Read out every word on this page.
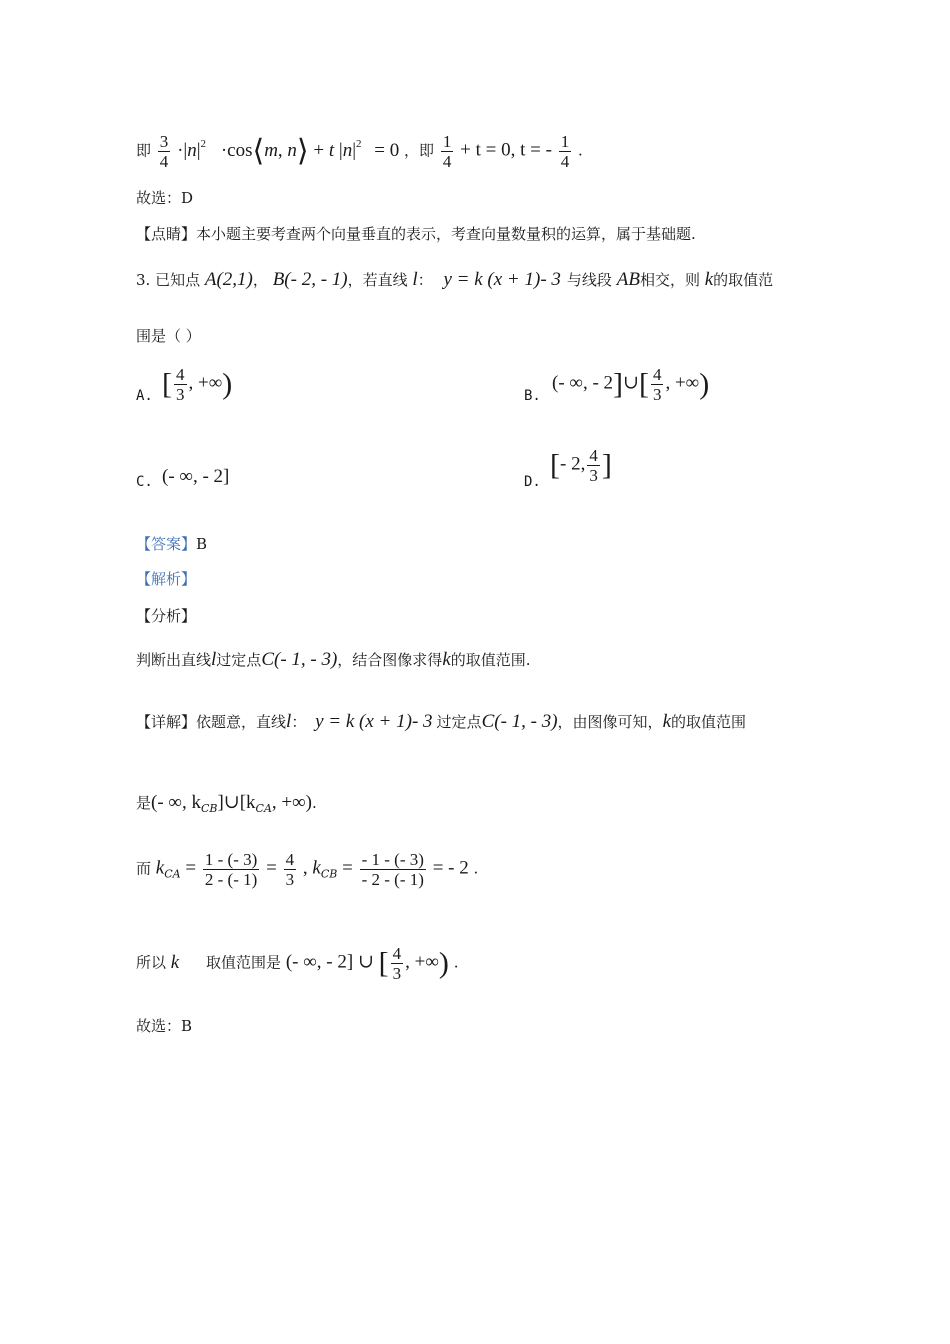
即 $\frac{3}{4} \cdot|n|^2$ ·cos⟨m, n⟩ + t $|n|^2 = 0$ ，即 $\frac{1}{4} + t = 0$, t = - $\frac{1}{4}$ .
故选：D
【点睛】本小题主要考查两个向量垂直的表示，考查向量数量积的运算，属于基础题.
3. 已知点 A(2,1)， B(- 2, - 1)，若直线 l： y = k (x + 1)- 3 与线段 AB相交，则 k的取值范
围是（ ）
A. [ $\frac{4}{3}$ , +∞)	B.
(- ∞, - 2]∪[ $\frac{4}{3}$ , +∞)
C. (- ∞, - 2]	D.
[- 2, $\frac{4}{3}$ ]
【答案】B
【解析】
【分析】
判断出直线l过定点C(- 1, - 3)，结合图像求得k的取值范围.
【详解】依题意，直线l： y = k (x + 1)- 3 过定点C(- 1, - 3)，由图像可知，k的取值范围
是(- ∞, $k_{CB}]\cup[k_{CA}$, +∞).
而 $k_{CA} = \frac{1 - (- 3)}{2 - (- 1)} = \frac{4}{3}$ , $k_{CB} = \frac{- 1 - (- 3)}{- 2 - (- 1)}$ = - 2 .
所以 k 取值范围是 (- ∞, - 2] ∪ [ $\frac{4}{3}$ , +∞) .
故选：B
